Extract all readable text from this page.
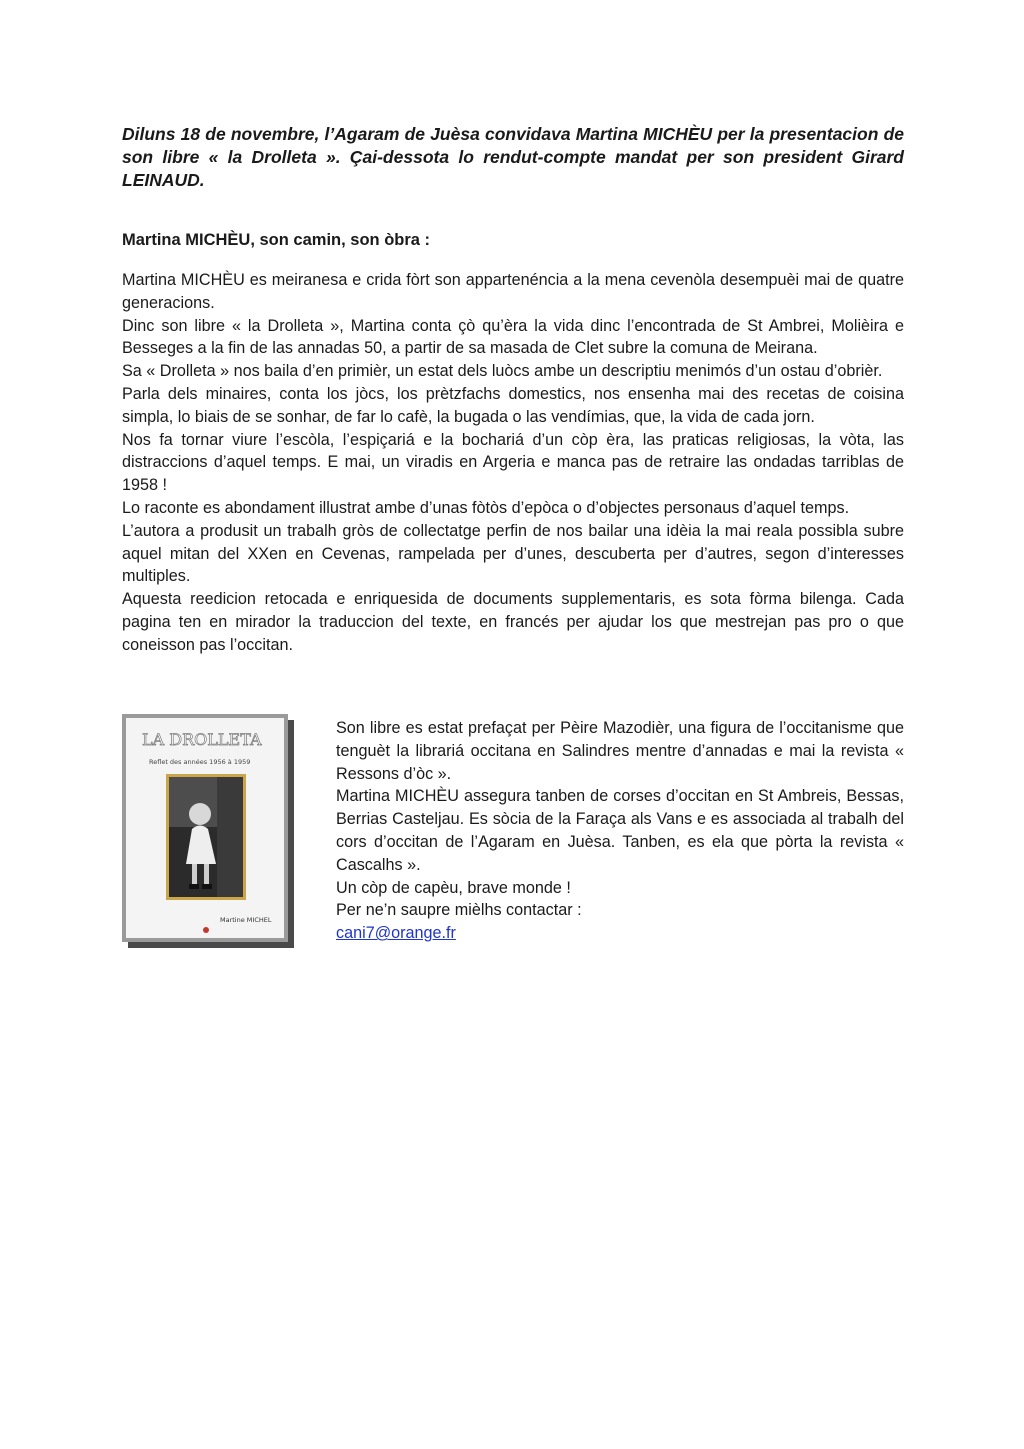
Diluns 18 de novembre, l’Agaram de Juèsa convidava Martina MICHÈU per la presentacion de son libre « la Drolleta ». Çai-dessota lo rendut-compte mandat per son president Girard LEINAUD.

Martina MICHÈU, son camin, son òbra :

Martina MICHÈU es meiranesa e crida fòrt son appartenéncia a la mena cevenòla desempuèi mai de quatre generacions.

Dinc son libre « la Drolleta », Martina conta çò qu’èra la vida dinc l’encontrada de St Ambrei, Molièira e Besseges a la fin de las annadas 50, a partir de sa masada de Clet subre la comuna de Meirana.

Sa « Drolleta » nos baila d’en primièr, un estat dels luòcs ambe un descriptiu menimós d’un ostau d’obrièr.

Parla dels minaires, conta los jòcs, los prètzfachs domestics, nos ensenha mai des recetas de coisina simpla, lo biais de se sonhar, de far lo cafè, la bugada o las vendímias, que, la vida de cada jorn.

Nos fa tornar viure l’escòla, l’espiçariá e la bochariá d’un còp èra, las praticas religiosas, la vòta, las distraccions d’aquel temps. E mai, un viradis en Argeria e manca pas de retraire las ondadas tarriblas de 1958 !

Lo raconte es abondament illustrat ambe d’unas fòtòs d’epòca o d’objectes personaus d’aquel temps.

L’autora a produsit un trabalh gròs de collectatge perfin de nos bailar una idèia la mai reala possibla subre aquel mitan del XXen en Cevenas, rampelada per d’unes, descuberta per d’autres, segon d’interesses multiples.

Aquesta reedicion retocada e enriquesida de documents supplementaris, es sota fòrma bilenga. Cada pagina ten en mirador la traduccion del texte, en francés per ajudar los que mestrejan pas pro o que coneisson pas l’occitan.

LA DROLLETA
Reflet des années 1956 à 1959
Martine MICHEL

Son libre es estat prefaçat per Pèire Mazodièr, una figura de l’occitanisme que tenguèt la librariá occitana en Salindres mentre d’annadas e mai la revista « Ressons d’òc ».

Martina MICHÈU assegura tanben de corses d’occitan en St Ambreis, Bessas, Berrias Casteljau. Es sòcia de la Faraça als Vans e es associada al trabalh del cors d’occitan de l’Agaram en Juèsa. Tanben, es ela que pòrta la revista « Cascalhs ».

Un còp de capèu, brave monde !

Per ne’n saupre mièlhs contactar :

cani7@orange.fr
